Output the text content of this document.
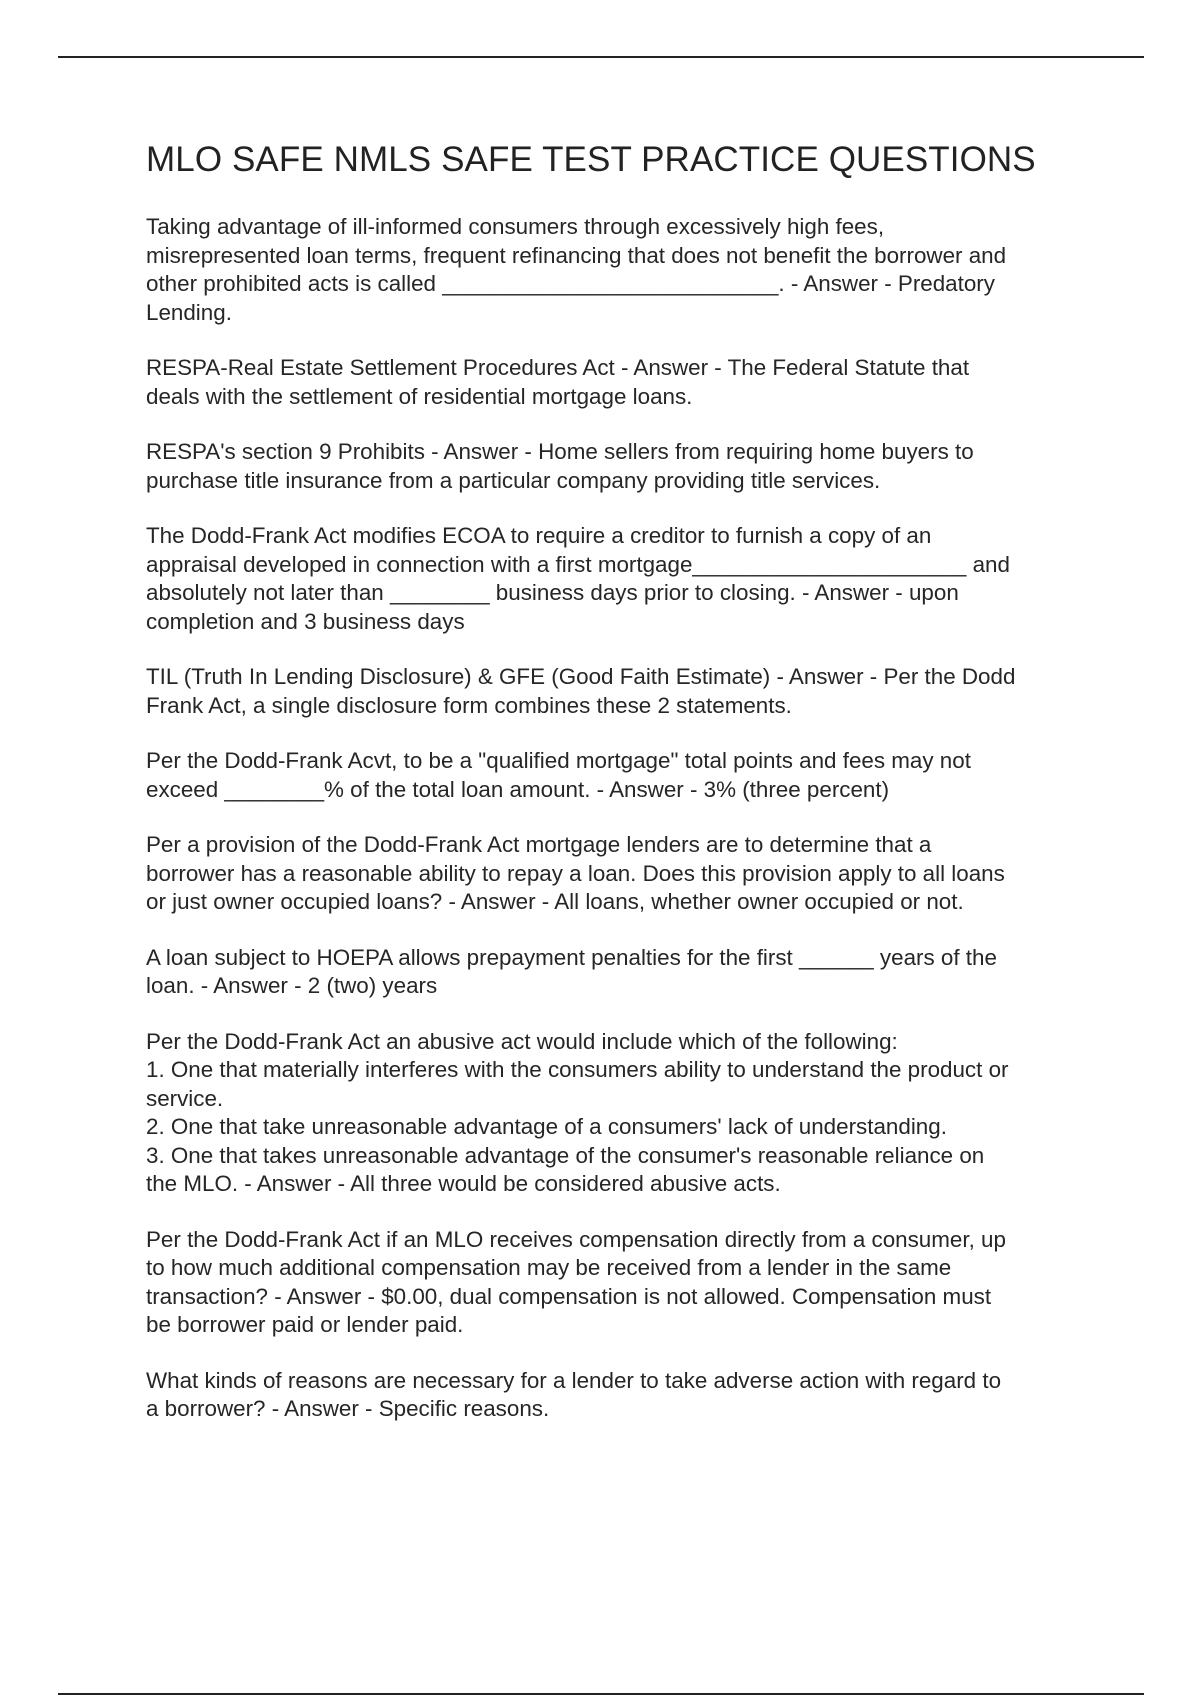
MLO SAFE NMLS SAFE TEST PRACTICE QUESTIONS

Taking advantage of ill-informed consumers through excessively high fees,
misrepresented loan terms, frequent refinancing that does not benefit the borrower and
other prohibited acts is called ___________________________. - Answer - Predatory
Lending.

RESPA-Real Estate Settlement Procedures Act - Answer - The Federal Statute that
deals with the settlement of residential mortgage loans.

RESPA's section 9 Prohibits - Answer - Home sellers from requiring home buyers to
purchase title insurance from a particular company providing title services.

The Dodd-Frank Act modifies ECOA to require a creditor to furnish a copy of an
appraisal developed in connection with a first mortgage______________________ and
absolutely not later than ________ business days prior to closing. - Answer - upon
completion and 3 business days

TIL (Truth In Lending Disclosure) & GFE (Good Faith Estimate) - Answer - Per the Dodd
Frank Act, a single disclosure form combines these 2 statements.

Per the Dodd-Frank Acvt, to be a "qualified mortgage" total points and fees may not
exceed ________% of the total loan amount. - Answer - 3% (three percent)

Per a provision of the Dodd-Frank Act mortgage lenders are to determine that a
borrower has a reasonable ability to repay a loan. Does this provision apply to all loans
or just owner occupied loans? - Answer - All loans, whether owner occupied or not.

A loan subject to HOEPA allows prepayment penalties for the first ______ years of the
loan. - Answer - 2 (two) years

Per the Dodd-Frank Act an abusive act would include which of the following:
1. One that materially interferes with the consumers ability to understand the product or
service.
2. One that take unreasonable advantage of a consumers' lack of understanding.
3. One that takes unreasonable advantage of the consumer's reasonable reliance on
the MLO. - Answer - All three would be considered abusive acts.

Per the Dodd-Frank Act if an MLO receives compensation directly from a consumer, up
to how much additional compensation may be received from a lender in the same
transaction? - Answer - $0.00, dual compensation is not allowed. Compensation must
be borrower paid or lender paid.

What kinds of reasons are necessary for a lender to take adverse action with regard to
a borrower? - Answer - Specific reasons.
